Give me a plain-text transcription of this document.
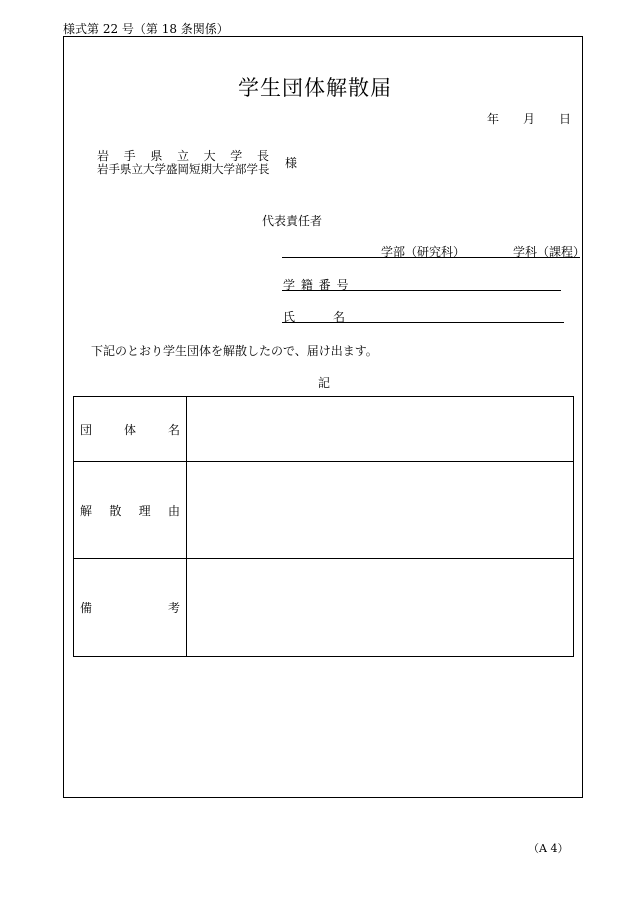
様式第 22 号（第 18 条関係）
学生団体解散届
年 月 日
岩 手 県 立 大 学 長
岩手県立大学盛岡短期大学部学長 様
代表責任者
学部（研究科）	学科（課程）
学 籍 番 号
氏	名
下記のとおり学生団体を解散したので、届け出ます。
記
団 体 名	

解 散 理 由	

備 考	

（A 4）
